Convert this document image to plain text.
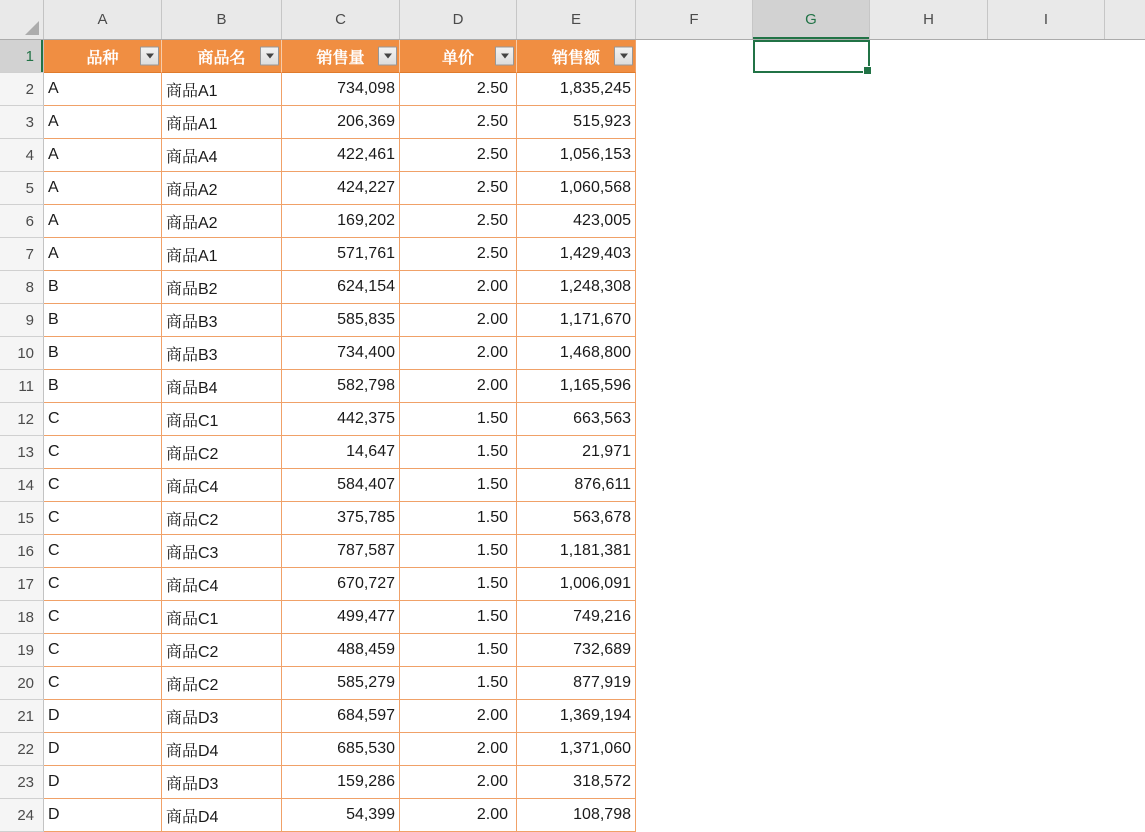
A	B	C	D	E	F	G	H	I
1
2
3
4
5
6
7
8
9
10
11
12
13
14
15
16
17
18
19
20
21
22
23
24
品种	商品名	销售量	单价	销售额
A	商品A1	734,098	2.50	1,835,245
A	商品A1	206,369	2.50	515,923
A	商品A4	422,461	2.50	1,056,153
A	商品A2	424,227	2.50	1,060,568
A	商品A2	169,202	2.50	423,005
A	商品A1	571,761	2.50	1,429,403
B	商品B2	624,154	2.00	1,248,308
B	商品B3	585,835	2.00	1,171,670
B	商品B3	734,400	2.00	1,468,800
B	商品B4	582,798	2.00	1,165,596
C	商品C1	442,375	1.50	663,563
C	商品C2	14,647	1.50	21,971
C	商品C4	584,407	1.50	876,611
C	商品C2	375,785	1.50	563,678
C	商品C3	787,587	1.50	1,181,381
C	商品C4	670,727	1.50	1,006,091
C	商品C1	499,477	1.50	749,216
C	商品C2	488,459	1.50	732,689
C	商品C2	585,279	1.50	877,919
D	商品D3	684,597	2.00	1,369,194
D	商品D4	685,530	2.00	1,371,060
D	商品D3	159,286	2.00	318,572
D	商品D4	54,399	2.00	108,798
